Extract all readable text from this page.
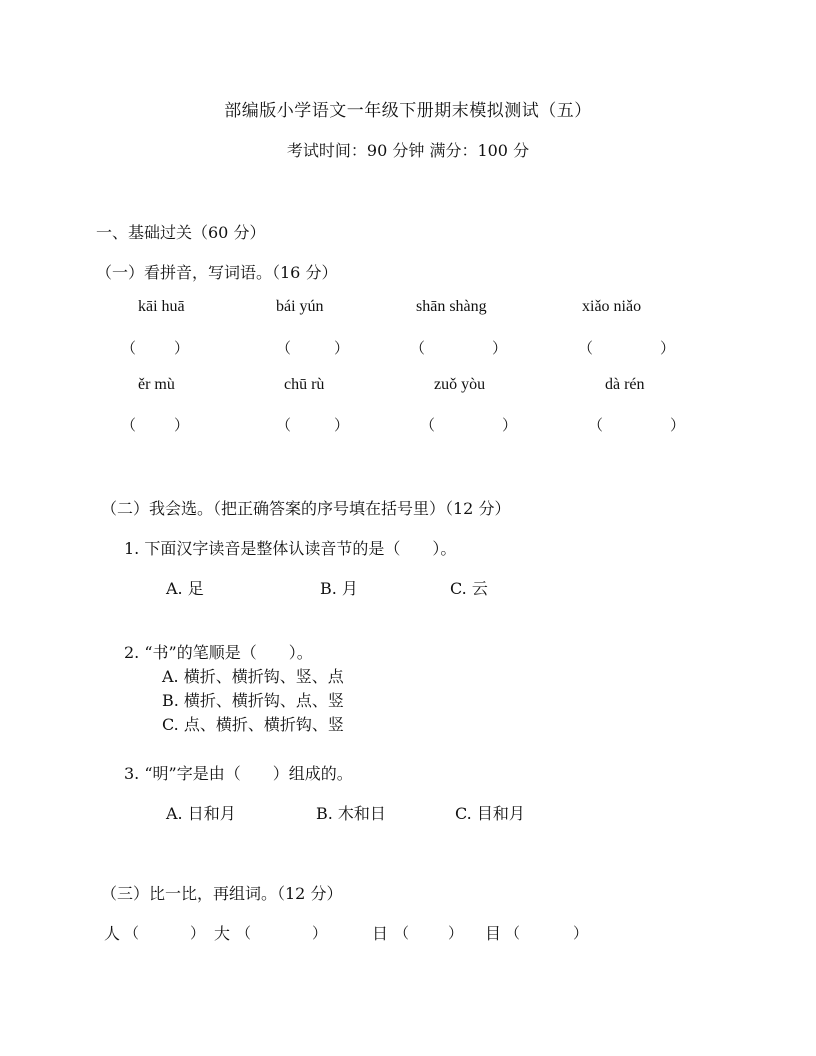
部编版小学语文一年级下册期末模拟测试（五）
考试时间：90 分钟 满分：100 分
一、基础过关（60 分）
（一）看拼音，写词语。（16 分）
kāi huā	bái yún	shān shàng	xiǎo niǎo
（	）	（	）	（	）	（	）
ěr mù	chū rù	zuǒ yòu	dà rén
（	）	（	）	（	）	（	）
（二）我会选。（把正确答案的序号填在括号里）（12 分）
1. 下面汉字读音是整体认读音节的是（　　）。
A. 足	B. 月	C. 云
2. “书”的笔顺是（　　）。
A. 横折、横折钩、竖、点
B. 横折、横折钩、点、竖
C. 点、横折、横折钩、竖
3. “明”字是由（　　）组成的。
A. 日和月	B. 木和日	C. 目和月
（三）比一比，再组词。（12 分）
人 （	） 大 （	）	日 （	） 目 （	）
